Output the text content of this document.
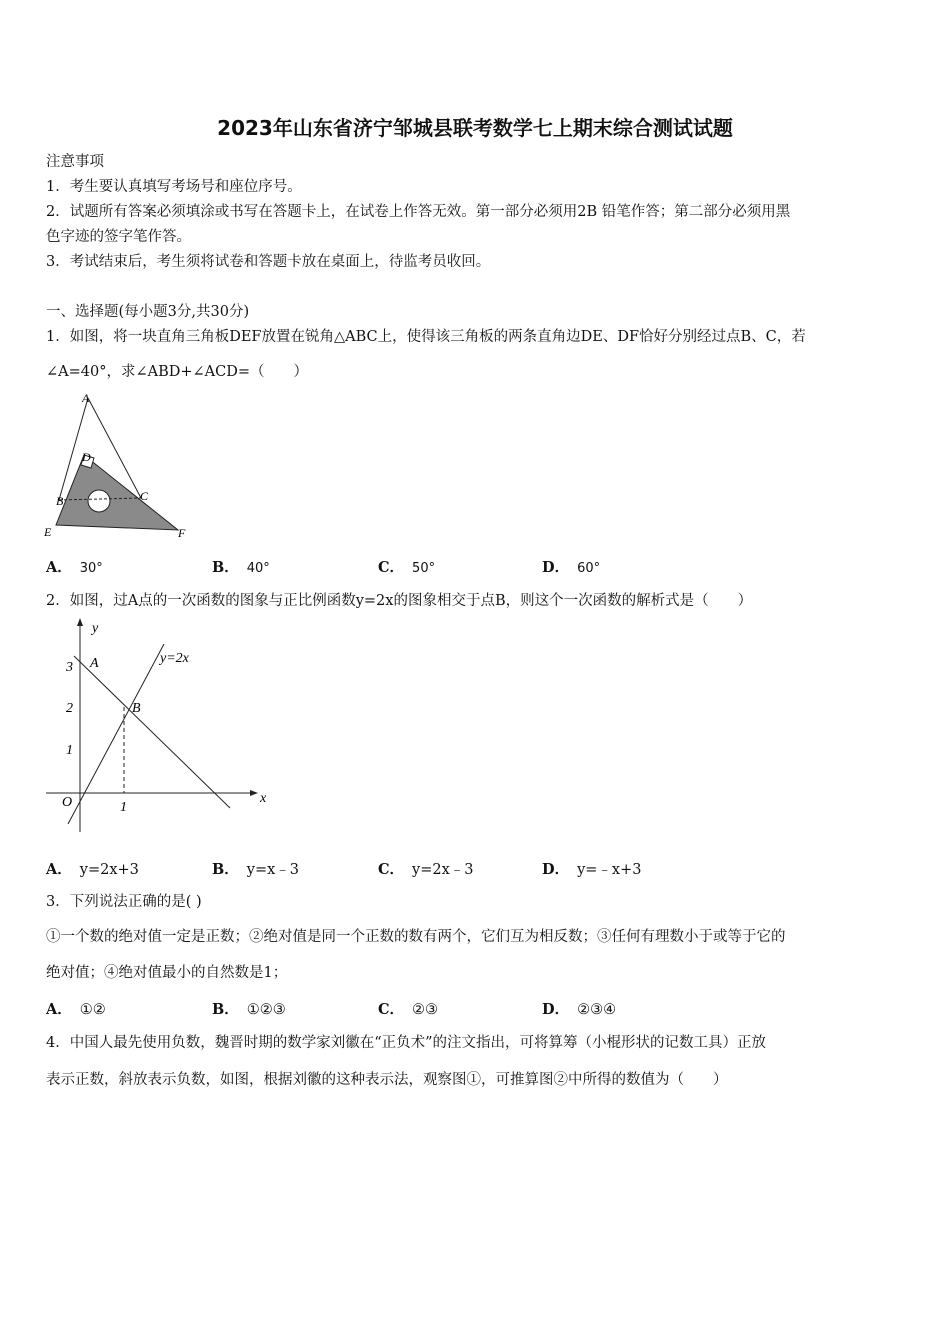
2023年山东省济宁邹城县联考数学七上期末综合测试试题
注意事项
1．考生要认真填写考场号和座位序号。
2．试题所有答案必须填涂或书写在答题卡上，在试卷上作答无效。第一部分必须用2B 铅笔作答；第二部分必须用黑
色字迹的签字笔作答。
3．考试结束后，考生须将试卷和答题卡放在桌面上，待监考员收回。
一、选择题(每小题3分,共30分)
1．如图，将一块直角三角板DEF放置在锐角△ABC上，使得该三角板的两条直角边DE、DF恰好分别经过点B、C，若
∠A=40°，求∠ABD+∠ACD=（　　）
A
D
B	C
E	F
A． 30°	B． 40°	C． 50°	D． 60°
2．如图，过A点的一次函数的图象与正比例函数y=2x的图象相交于点B，则这个一次函数的解析式是（　　）
y
x
O
3
2
1
1
A
B
y=2x
A． y=2x+3	B． y=x﹣3	C． y=2x﹣3	D． y=﹣x+3
3．下列说法正确的是( )
①一个数的绝对值一定是正数；②绝对值是同一个正数的数有两个，它们互为相反数；③任何有理数小于或等于它的
绝对值；④绝对值最小的自然数是1；
A． ①②	B． ①②③	C． ②③	D． ②③④
4．中国人最先使用负数，魏晋时期的数学家刘徽在“正负术”的注文指出，可将算筹（小棍形状的记数工具）正放
表示正数，斜放表示负数，如图，根据刘徽的这种表示法，观察图①，可推算图②中所得的数值为（　　）
